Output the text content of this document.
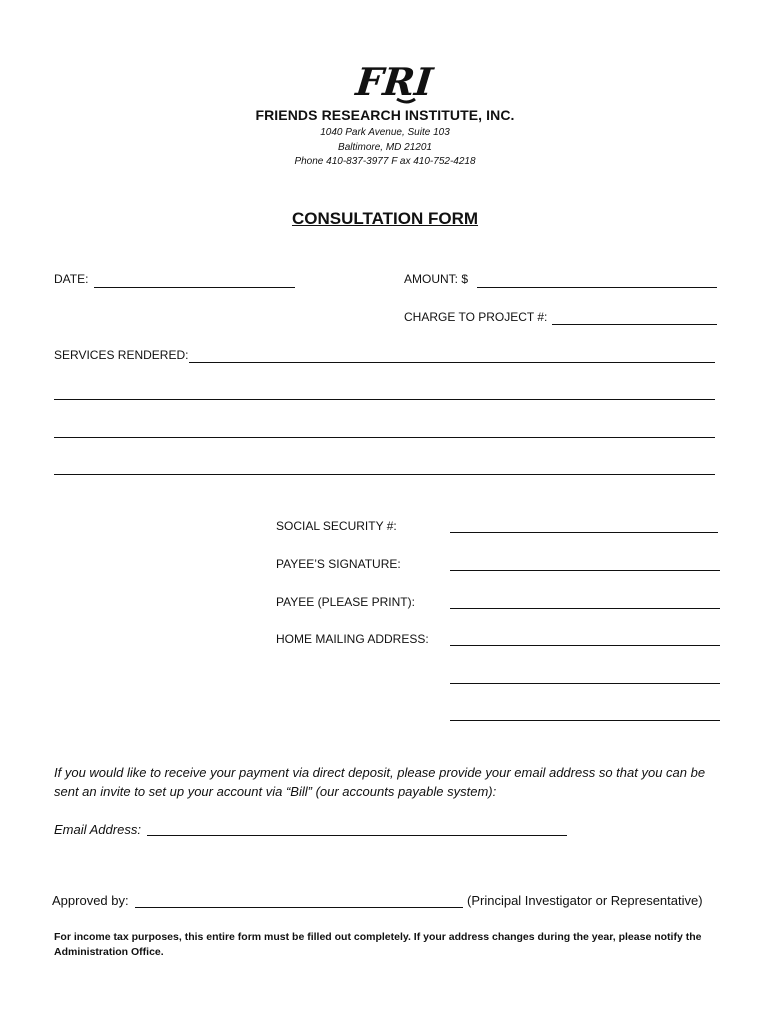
FRI
FRIENDS RESEARCH INSTITUTE, INC.
1040 Park Avenue, Suite 103
Baltimore, MD 21201
Phone 410-837-3977 F ax 410-752-4218
CONSULTATION FORM
DATE:	AMOUNT: $
CHARGE TO PROJECT #:
SERVICES RENDERED:
SOCIAL SECURITY #:
PAYEE’S SIGNATURE:
PAYEE (PLEASE PRINT):
HOME MAILING ADDRESS:
If you would like to receive your payment via direct deposit, please provide your email address so that you can be sent an invite to set up your account via “Bill” (our accounts payable system):
Email Address:
Approved by:	(Principal Investigator or Representative)
For income tax purposes, this entire form must be filled out completely. If your address changes during the year, please notify the Administration Office.
